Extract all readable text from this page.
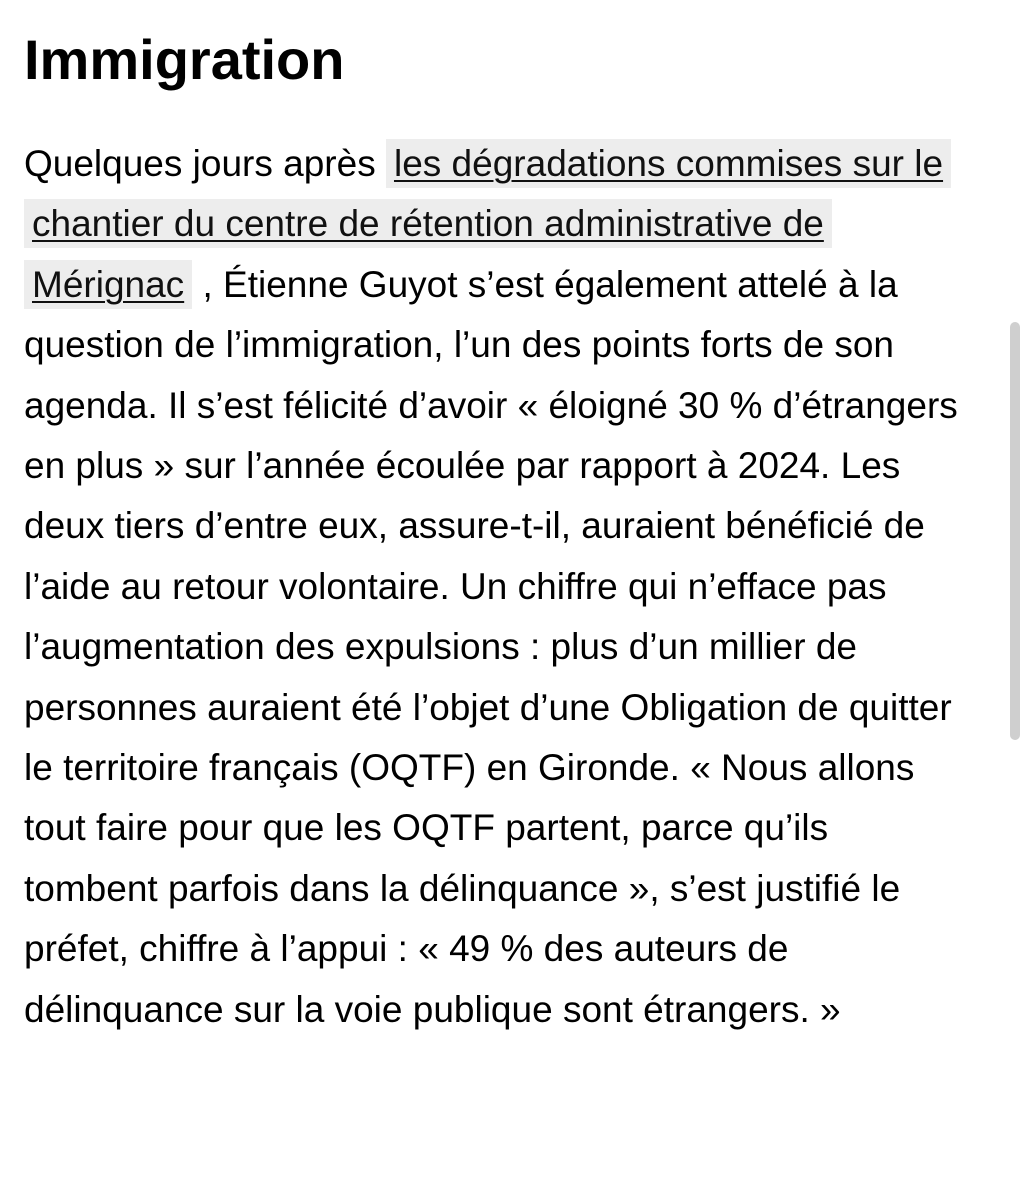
Immigration

Quelques jours après les dégradations commises sur le chantier du centre de rétention administrative de Mérignac , Étienne Guyot s’est également attelé à la question de l’immigration, l’un des points forts de son agenda. Il s’est félicité d’avoir « éloigné 30 % d’étrangers en plus » sur l’année écoulée par rapport à 2024. Les deux tiers d’entre eux, assure-t-il, auraient bénéficié de l’aide au retour volontaire. Un chiffre qui n’efface pas l’augmentation des expulsions : plus d’un millier de personnes auraient été l’objet d’une Obligation de quitter le territoire français (OQTF) en Gironde. « Nous allons tout faire pour que les OQTF partent, parce qu’ils tombent parfois dans la délinquance », s’est justifié le préfet, chiffre à l’appui : « 49 % des auteurs de délinquance sur la voie publique sont étrangers. »
